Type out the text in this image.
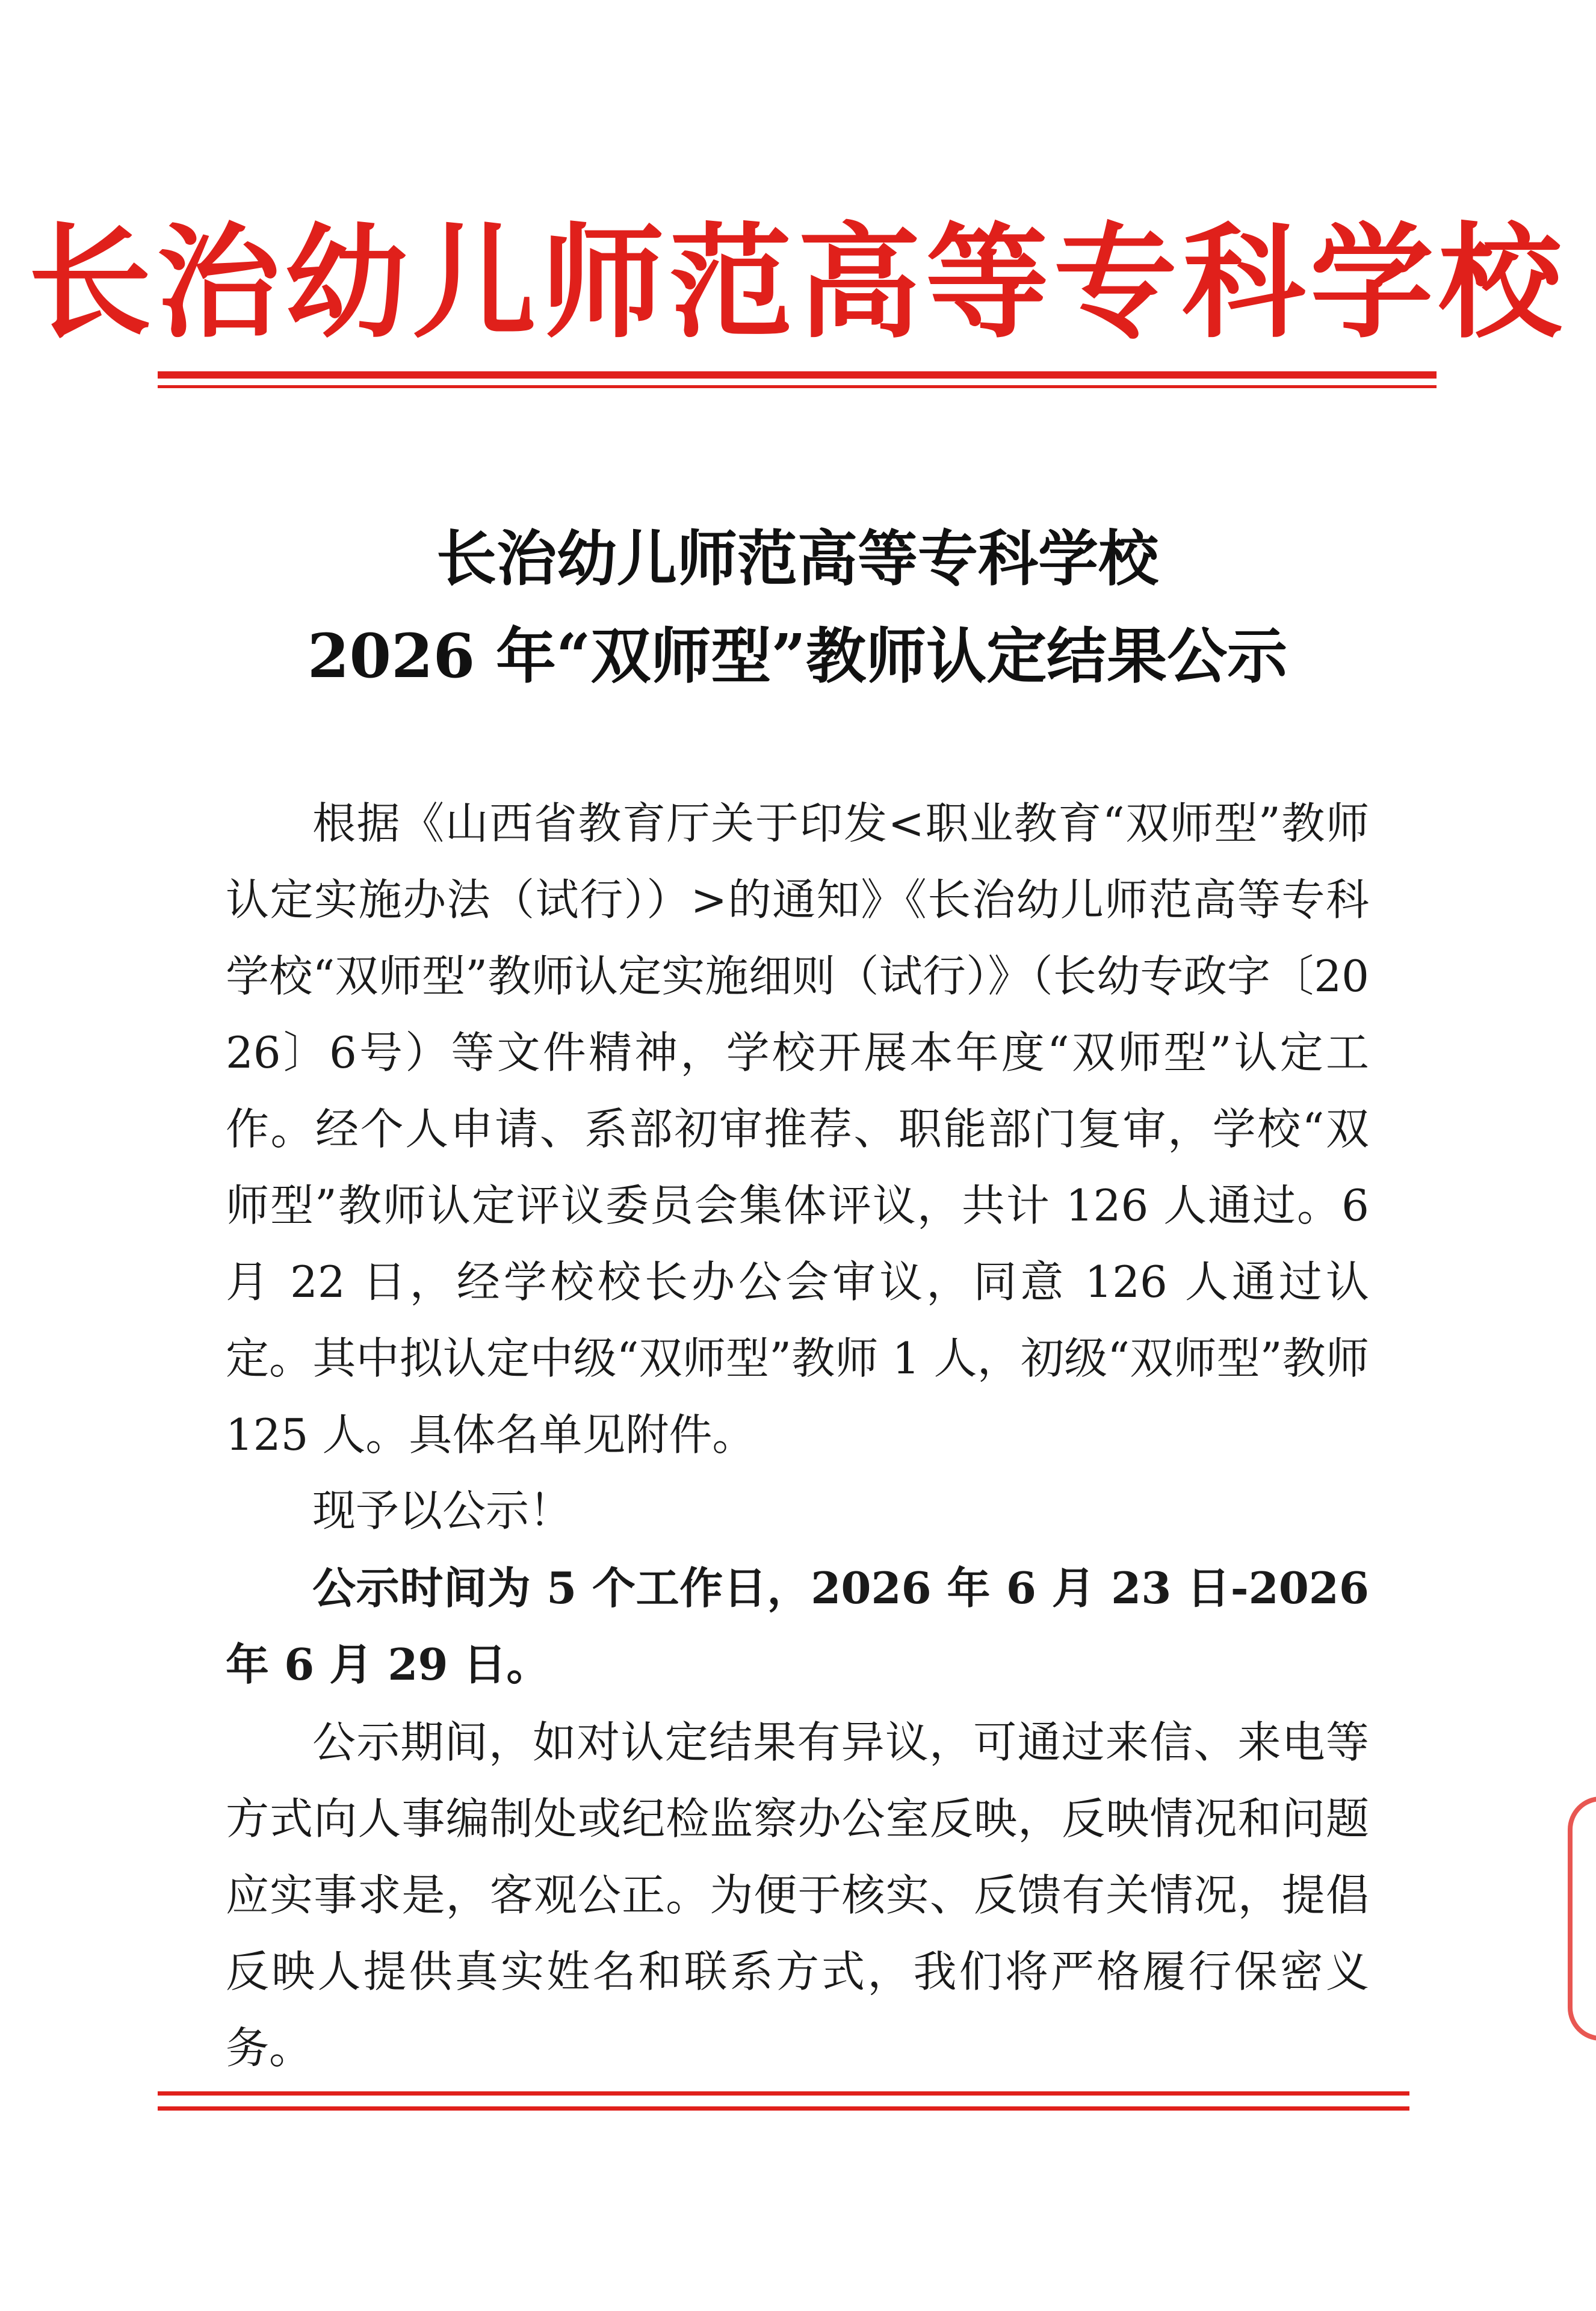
长治幼儿师范高等专科学校
长治幼儿师范高等专科学校
2026 年“双师型”教师认定结果公示

根据《山西省教育厅关于印发<职业教育“双师型”教师认定实施办法（试行））>的通知》《长治幼儿师范高等专科学校“双师型”教师认定实施细则（试行）》（长幼专政字〔2026〕6号）等文件精神，学校开展本年度“双师型”认定工作。经个人申请、系部初审推荐、职能部门复审，学校“双师型”教师认定评议委员会集体评议，共计 126 人通过。6 月 22 日，经学校校长办公会审议，同意 126 人通过认定。其中拟认定中级“双师型”教师 1 人，初级“双师型”教师 125 人。具体名单见附件。

现予以公示！

公示时间为 5 个工作日，2026 年 6 月 23 日-2026 年 6 月 29 日。

公示期间，如对认定结果有异议，可通过来信、来电等方式向人事编制处或纪检监察办公室反映，反映情况和问题应实事求是，客观公正。为便于核实、反馈有关情况，提倡反映人提供真实姓名和联系方式，我们将严格履行保密义务。
